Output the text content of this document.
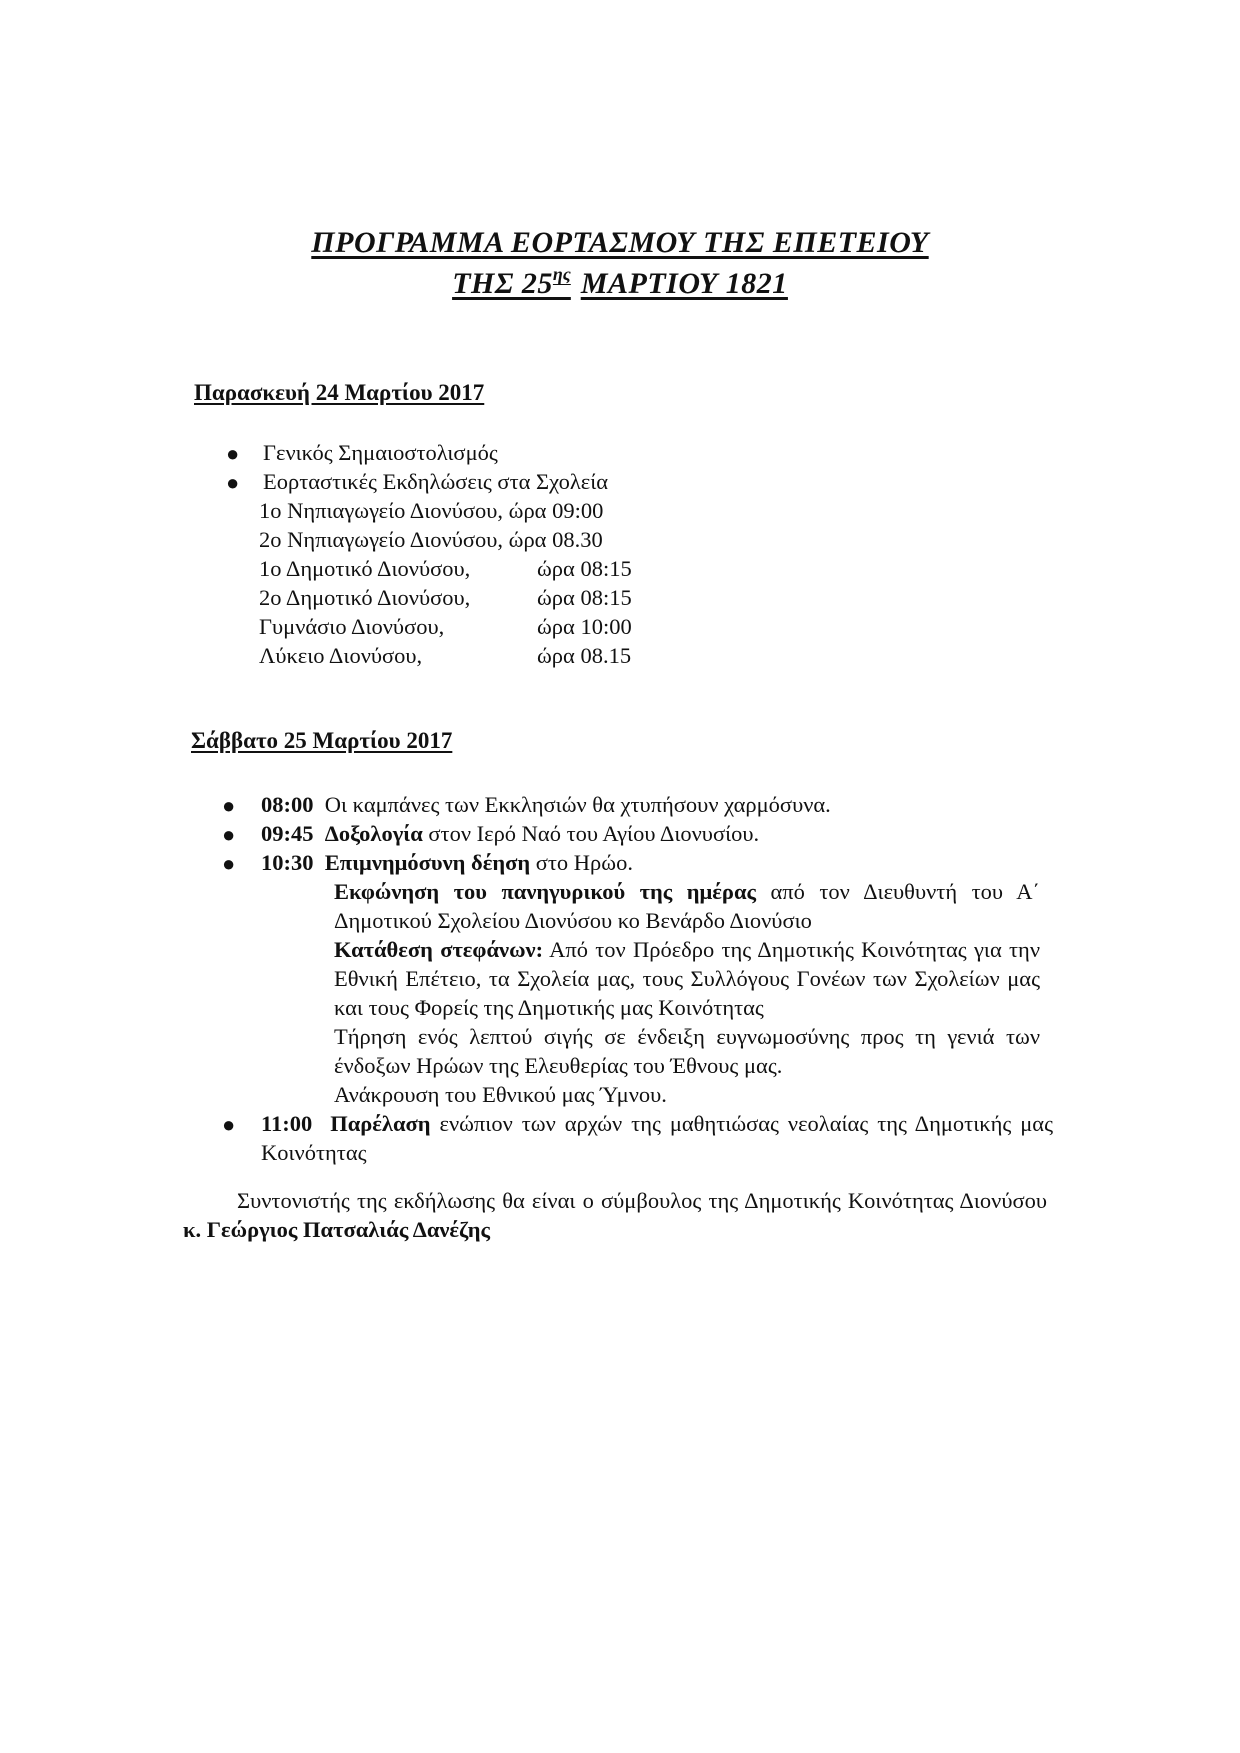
ΠΡΟΓΡΑΜΜΑ ΕΟΡΤΑΣΜΟΥ ΤΗΣ ΕΠΕΤΕΙΟΥ
ΤΗΣ $25^{\eta\varsigma}$ ΜΑΡΤΙΟΥ 1821
Παρασκευή 24 Μαρτίου 2017
● Γενικός Σημαιοστολισμός
● Εορταστικές Εκδηλώσεις στα Σχολεία
1ο Νηπιαγωγείο Διονύσου, ώρα 09:00
2ο Νηπιαγωγείο Διονύσου, ώρα 08.30
1ο Δημοτικό Διονύσου,	ώρα 08:15
2ο Δημοτικό Διονύσου,	ώρα 08:15
Γυμνάσιο Διονύσου,	ώρα 10:00
Λύκειο Διονύσου,	ώρα 08.15
Σάββατο 25 Μαρτίου 2017
● 08:00 Οι καμπάνες των Εκκλησιών θα χτυπήσουν χαρμόσυνα.
● 09:45 Δοξολογία στον Ιερό Ναό του Αγίου Διονυσίου.
● 10:30 Επιμνημόσυνη δέηση στο Ηρώο.
Εκφώνηση του πανηγυρικού της ημέρας από τον Διευθυντή του Α΄ Δημοτικού Σχολείου Διονύσου κο Βενάρδο Διονύσιο
Κατάθεση στεφάνων: Από τον Πρόεδρο της Δημοτικής Κοινότητας για την Εθνική Επέτειο, τα Σχολεία μας, τους Συλλόγους Γονέων των Σχολείων μας και τους Φορείς της Δημοτικής μας Κοινότητας
Τήρηση ενός λεπτού σιγής σε ένδειξη ευγνωμοσύνης προς τη γενιά των ένδοξων Ηρώων της Ελευθερίας του Έθνους μας.
Ανάκρουση του Εθνικού μας Ύμνου.
● 11:00 Παρέλαση ενώπιον των αρχών της μαθητιώσας νεολαίας της Δημοτικής μας Κοινότητας
Συντονιστής της εκδήλωσης θα είναι ο σύμβουλος της Δημοτικής Κοινότητας Διονύσου κ. Γεώργιος Πατσαλιάς Δανέζης
